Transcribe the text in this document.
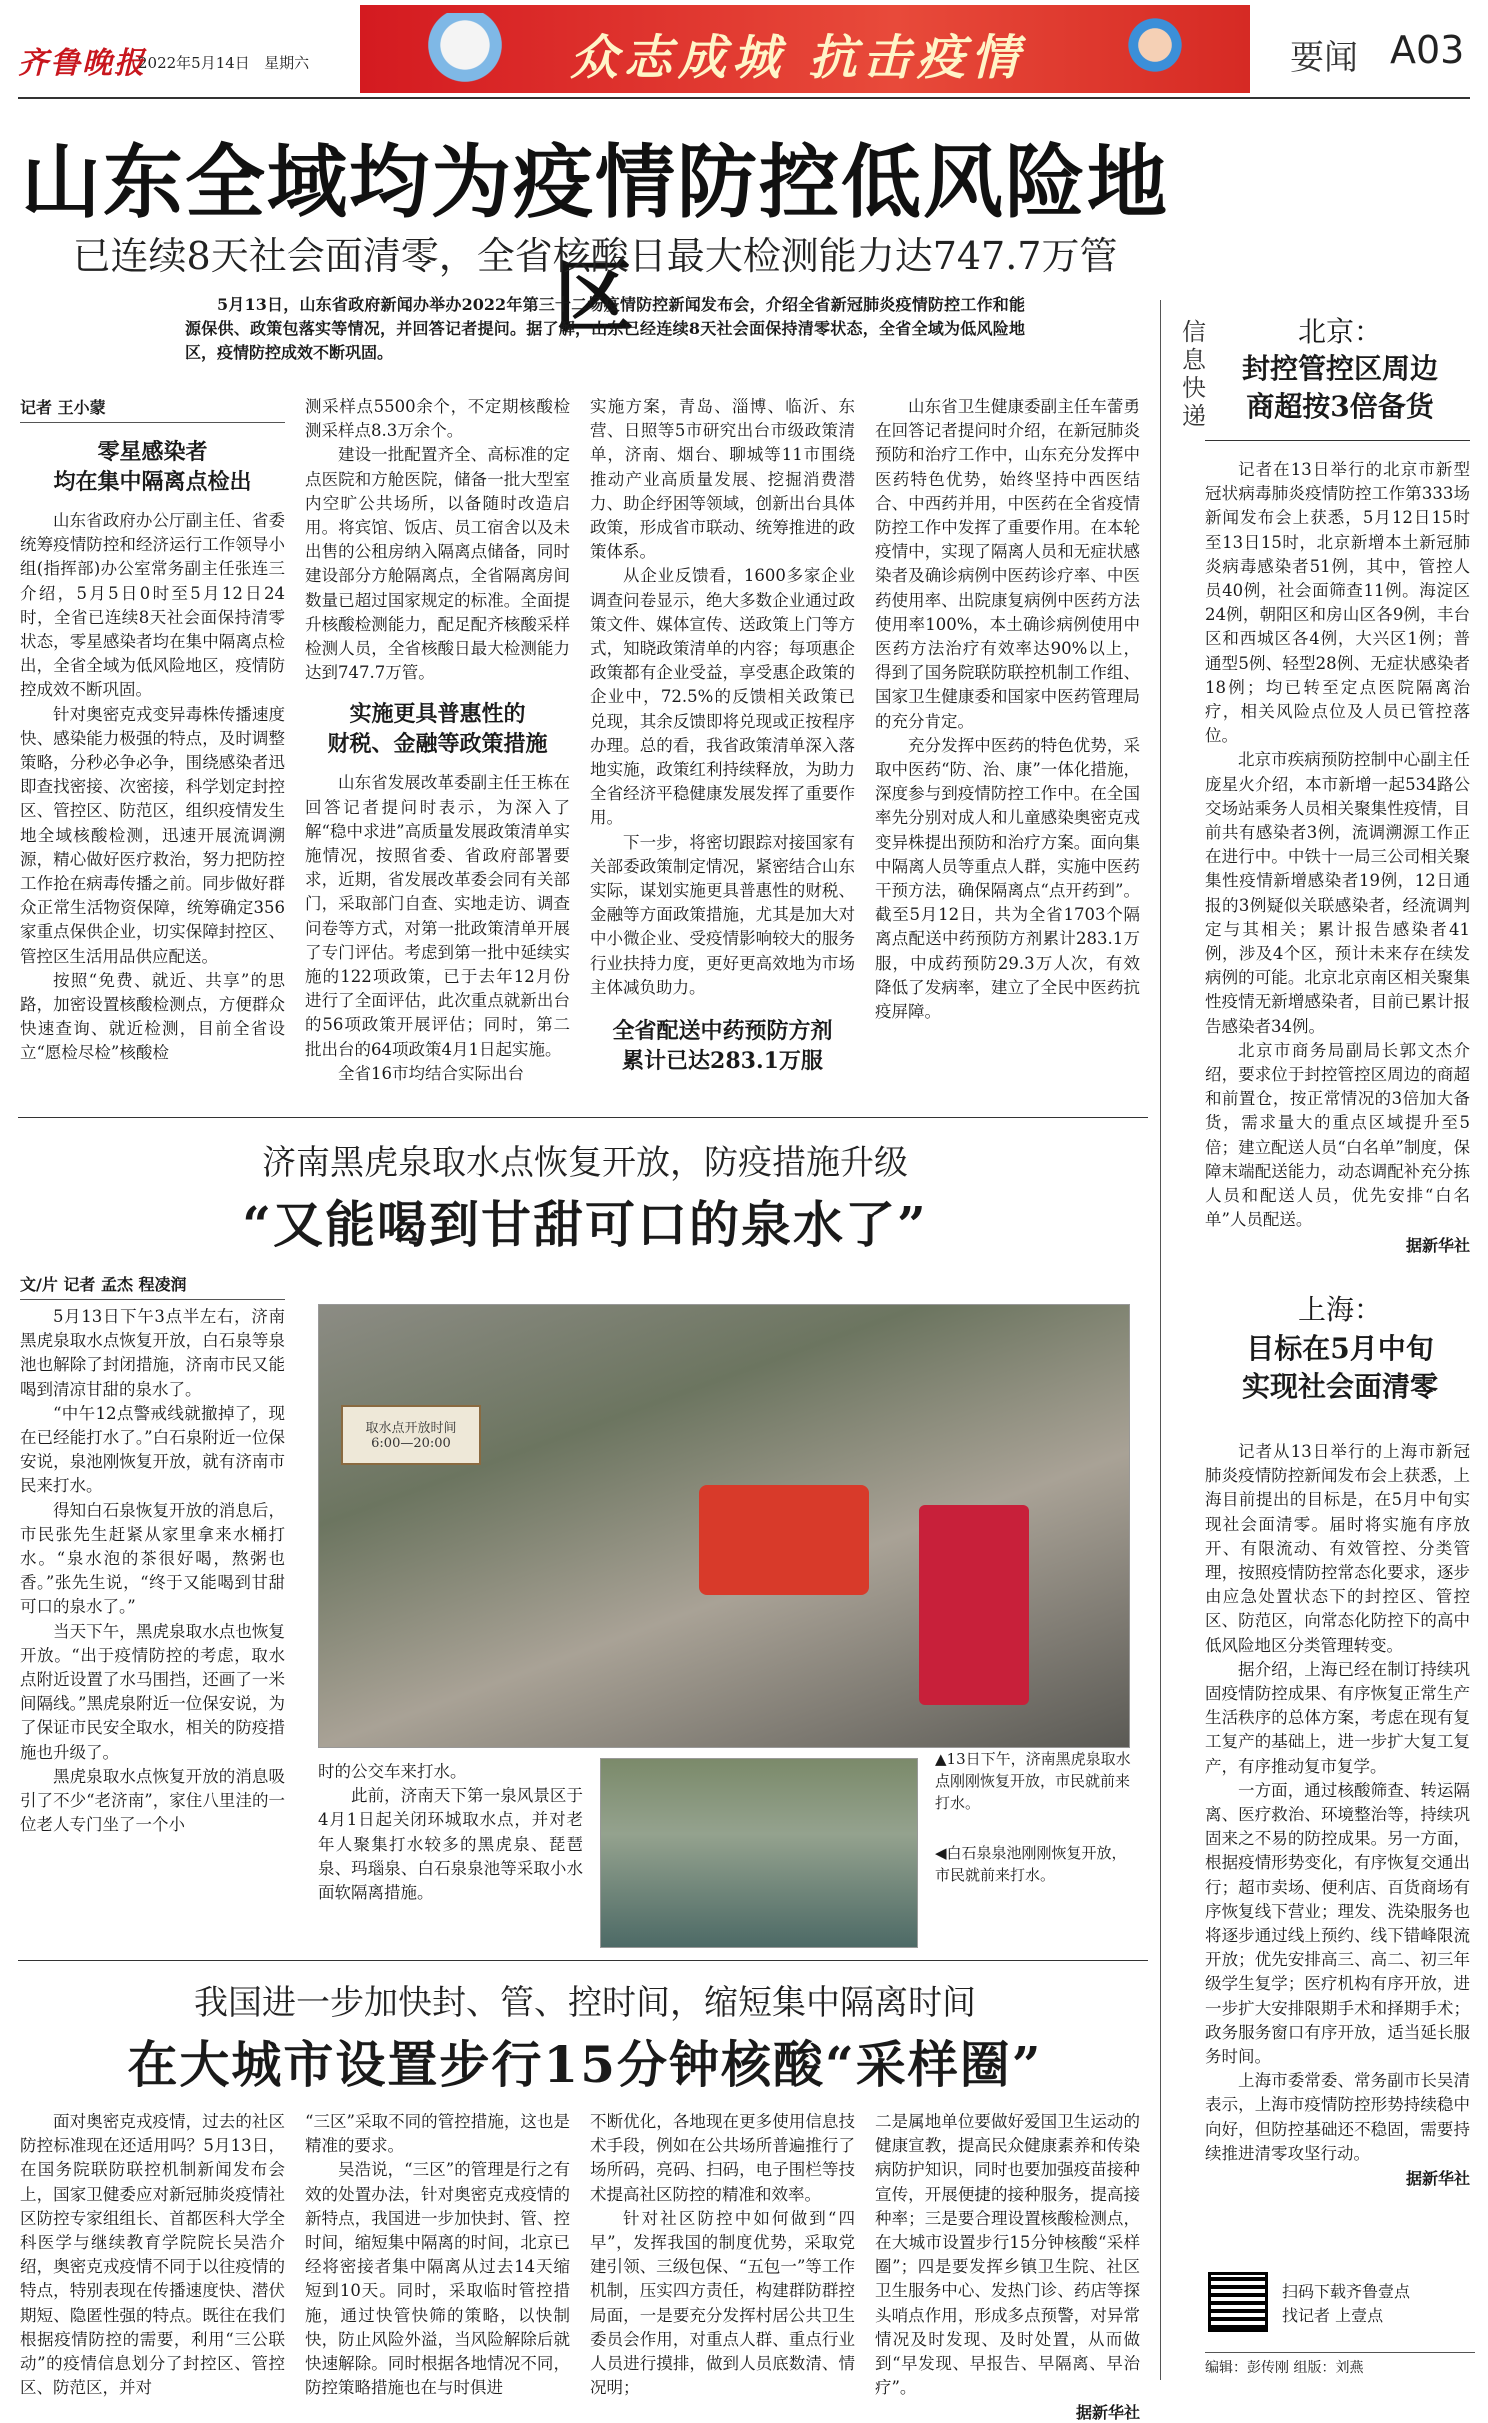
齐鲁晚报
2022年5月14日 星期六	众志成城 抗击疫情	要闻 A03
山东全域均为疫情防控低风险地区
已连续8天社会面清零，全省核酸日最大检测能力达747.7万管
5月13日，山东省政府新闻办举办2022年第三十二场疫情防控新闻发布会，介绍全省新冠肺炎疫情防控工作和能源保供、政策包落实等情况，并回答记者提问。据了解，山东已经连续8天社会面保持清零状态，全省全域为低风险地区，疫情防控成效不断巩固。
记者 王小蒙
零星感染者
均在集中隔离点检出

山东省政府办公厅副主任、省委统筹疫情防控和经济运行工作领导小组(指挥部)办公室常务副主任张连三介绍，5月5日0时至5月12日24时，全省已连续8天社会面保持清零状态，零星感染者均在集中隔离点检出，全省全域为低风险地区，疫情防控成效不断巩固。

针对奥密克戎变异毒株传播速度快、感染能力极强的特点，及时调整策略，分秒必争必争，围绕感染者迅即查找密接、次密接，科学划定封控区、管控区、防范区，组织疫情发生地全域核酸检测，迅速开展流调溯源，精心做好医疗救治，努力把防控工作抢在病毒传播之前。同步做好群众正常生活物资保障，统筹确定356家重点保供企业，切实保障封控区、管控区生活用品供应配送。

按照“免费、就近、共享”的思路，加密设置核酸检测点，方便群众快速查询、就近检测，目前全省设立“愿检尽检”核酸检

测采样点5500余个，不定期核酸检测采样点8.3万余个。

建设一批配置齐全、高标准的定点医院和方舱医院，储备一批大型室内空旷公共场所，以备随时改造启用。将宾馆、饭店、员工宿舍以及未出售的公租房纳入隔离点储备，同时建设部分方舱隔离点，全省隔离房间数量已超过国家规定的标准。全面提升核酸检测能力，配足配齐核酸采样检测人员，全省核酸日最大检测能力达到747.7万管。

实施更具普惠性的
财税、金融等政策措施

山东省发展改革委副主任王栋在回答记者提问时表示，为深入了解“稳中求进”高质量发展政策清单实施情况，按照省委、省政府部署要求，近期，省发展改革委会同有关部门，采取部门自查、实地走访、调查问卷等方式，对第一批政策清单开展了专门评估。考虑到第一批中延续实施的122项政策，已于去年12月份进行了全面评估，此次重点就新出台的56项政策开展评估；同时，第二批出台的64项政策4月1日起实施。

全省16市均结合实际出台

实施方案，青岛、淄博、临沂、东营、日照等5市研究出台市级政策清单，济南、烟台、聊城等11市围绕推动产业高质量发展、挖掘消费潜力、助企纾困等领域，创新出台具体政策，形成省市联动、统筹推进的政策体系。

从企业反馈看，1600多家企业调查问卷显示，绝大多数企业通过政策文件、媒体宣传、送政策上门等方式，知晓政策清单的内容；每项惠企政策都有企业受益，享受惠企政策的企业中，72.5%的反馈相关政策已兑现，其余反馈即将兑现或正按程序办理。总的看，我省政策清单深入落地实施，政策红利持续释放，为助力全省经济平稳健康发展发挥了重要作用。

下一步，将密切跟踪对接国家有关部委政策制定情况，紧密结合山东实际，谋划实施更具普惠性的财税、金融等方面政策措施，尤其是加大对中小微企业、受疫情影响较大的服务行业扶持力度，更好更高效地为市场主体减负助力。

全省配送中药预防方剂
累计已达283.1万服

山东省卫生健康委副主任车蕾勇在回答记者提问时介绍，在新冠肺炎预防和治疗工作中，山东充分发挥中医药特色优势，始终坚持中西医结合、中西药并用，中医药在全省疫情防控工作中发挥了重要作用。在本轮疫情中，实现了隔离人员和无症状感染者及确诊病例中医药诊疗率、中医药使用率、出院康复病例中医药方法使用率100%，本土确诊病例使用中医药方法治疗有效率达90%以上，得到了国务院联防联控机制工作组、国家卫生健康委和国家中医药管理局的充分肯定。

充分发挥中医药的特色优势，采取中医药“防、治、康”一体化措施，深度参与到疫情防控工作中。在全国率先分别对成人和儿童感染奥密克戎变异株提出预防和治疗方案。面向集中隔离人员等重点人群，实施中医药干预方法，确保隔离点“点开药到”。截至5月12日，共为全省1703个隔离点配送中药预防方剂累计283.1万服，中成药预防29.3万人次，有效降低了发病率，建立了全民中医药抗疫屏障。

信息快递
北京：
封控管控区周边
商超按3倍备货

记者在13日举行的北京市新型冠状病毒肺炎疫情防控工作第333场新闻发布会上获悉，5月12日15时至13日15时，北京新增本土新冠肺炎病毒感染者51例，其中，管控人员40例，社会面筛查11例。海淀区24例，朝阳区和房山区各9例，丰台区和西城区各4例，大兴区1例；普通型5例、轻型28例、无症状感染者18例；均已转至定点医院隔离治疗，相关风险点位及人员已管控落位。

北京市疾病预防控制中心副主任庞星火介绍，本市新增一起534路公交场站乘务人员相关聚集性疫情，目前共有感染者3例，流调溯源工作正在进行中。中铁十一局三公司相关聚集性疫情新增感染者19例，12日通报的3例疑似关联感染者，经流调判定与其相关；累计报告感染者41例，涉及4个区，预计未来存在续发病例的可能。北京北京南区相关聚集性疫情无新增感染者，目前已累计报告感染者34例。

北京市商务局副局长郭文杰介绍，要求位于封控管控区周边的商超和前置仓，按正常情况的3倍加大备货，需求量大的重点区域提升至5倍；建立配送人员“白名单”制度，保障末端配送能力，动态调配补充分拣人员和配送人员，优先安排“白名单”人员配送。

据新华社
上海：
目标在5月中旬
实现社会面清零

记者从13日举行的上海市新冠肺炎疫情防控新闻发布会上获悉，上海目前提出的目标是，在5月中旬实现社会面清零。届时将实施有序放开、有限流动、有效管控、分类管理，按照疫情防控常态化要求，逐步由应急处置状态下的封控区、管控区、防范区，向常态化防控下的高中低风险地区分类管理转变。

据介绍，上海已经在制订持续巩固疫情防控成果、有序恢复正常生产生活秩序的总体方案，考虑在现有复工复产的基础上，进一步扩大复工复产，有序推动复市复学。

一方面，通过核酸筛查、转运隔离、医疗救治、环境整治等，持续巩固来之不易的防控成果。另一方面，根据疫情形势变化，有序恢复交通出行；超市卖场、便利店、百货商场有序恢复线下营业；理发、洗染服务也将逐步通过线上预约、线下错峰限流开放；优先安排高三、高二、初三年级学生复学；医疗机构有序开放，进一步扩大安排限期手术和择期手术；政务服务窗口有序开放，适当延长服务时间。

上海市委常委、常务副市长吴清表示，上海市疫情防控形势持续稳中向好，但防控基础还不稳固，需要持续推进清零攻坚行动。

据新华社
扫码下载齐鲁壹点
找记者 上壹点
编辑：彭传刚 组版：刘燕
济南黑虎泉取水点恢复开放，防疫措施升级
“又能喝到甘甜可口的泉水了”
文/片 记者 孟杰 程凌润

5月13日下午3点半左右，济南黑虎泉取水点恢复开放，白石泉等泉池也解除了封闭措施，济南市民又能喝到清凉甘甜的泉水了。

“中午12点警戒线就撤掉了，现在已经能打水了。”白石泉附近一位保安说，泉池刚恢复开放，就有济南市民来打水。

得知白石泉恢复开放的消息后，市民张先生赶紧从家里拿来水桶打水。“泉水泡的茶很好喝，熬粥也香。”张先生说，“终于又能喝到甘甜可口的泉水了。”

当天下午，黑虎泉取水点也恢复开放。“出于疫情防控的考虑，取水点附近设置了水马围挡，还画了一米间隔线。”黑虎泉附近一位保安说，为了保证市民安全取水，相关的防疫措施也升级了。

黑虎泉取水点恢复开放的消息吸引了不少“老济南”，家住八里洼的一位老人专门坐了一个小

取水点开放时间
6:00—20:00

时的公交车来打水。

此前，济南天下第一泉风景区于4月1日起关闭环城取水点，并对老年人聚集打水较多的黑虎泉、琵琶泉、玛瑙泉、白石泉泉池等采取小水面软隔离措施。

▲13日下午，济南黑虎泉取水点刚刚恢复开放，市民就前来打水。
◀白石泉泉池刚刚恢复开放，市民就前来打水。
我国进一步加快封、管、控时间，缩短集中隔离时间
在大城市设置步行15分钟核酸“采样圈”

面对奥密克戎疫情，过去的社区防控标准现在还适用吗？5月13日，在国务院联防联控机制新闻发布会上，国家卫健委应对新冠肺炎疫情社区防控专家组组长、首都医科大学全科医学与继续教育学院院长吴浩介绍，奥密克戎疫情不同于以往疫情的特点，特别表现在传播速度快、潜伏期短、隐匿性强的特点。既往在我们根据疫情防控的需要，利用“三公联动”的疫情信息划分了封控区、管控区、防范区，并对

“三区”采取不同的管控措施，这也是精准的要求。

吴浩说，“三区”的管理是行之有效的处置办法，针对奥密克戎疫情的新特点，我国进一步加快封、管、控时间，缩短集中隔离的时间，北京已经将密接者集中隔离从过去14天缩短到10天。同时，采取临时管控措施，通过快管快筛的策略，以快制快，防止风险外溢，当风险解除后就快速解除。同时根据各地情况不同，防控策略措施也在与时俱进

不断优化，各地现在更多使用信息技术手段，例如在公共场所普遍推行了场所码，亮码、扫码，电子围栏等技术提高社区防控的精准和效率。

针对社区防控中如何做到“四早”，发挥我国的制度优势，采取党建引领、三级包保、“五包一”等工作机制，压实四方责任，构建群防群控局面，一是要充分发挥村居公共卫生委员会作用，对重点人群、重点行业人员进行摸排，做到人员底数清、情况明；

二是属地单位要做好爱国卫生运动的健康宣教，提高民众健康素养和传染病防护知识，同时也要加强疫苗接种宣传，开展便捷的接种服务，提高接种率；三是要合理设置核酸检测点，在大城市设置步行15分钟核酸“采样圈”；四是要发挥乡镇卫生院、社区卫生服务中心、发热门诊、药店等探头哨点作用，形成多点预警，对异常情况及时发现、及时处置，从而做到“早发现、早报告、早隔离、早治疗”。

据新华社
